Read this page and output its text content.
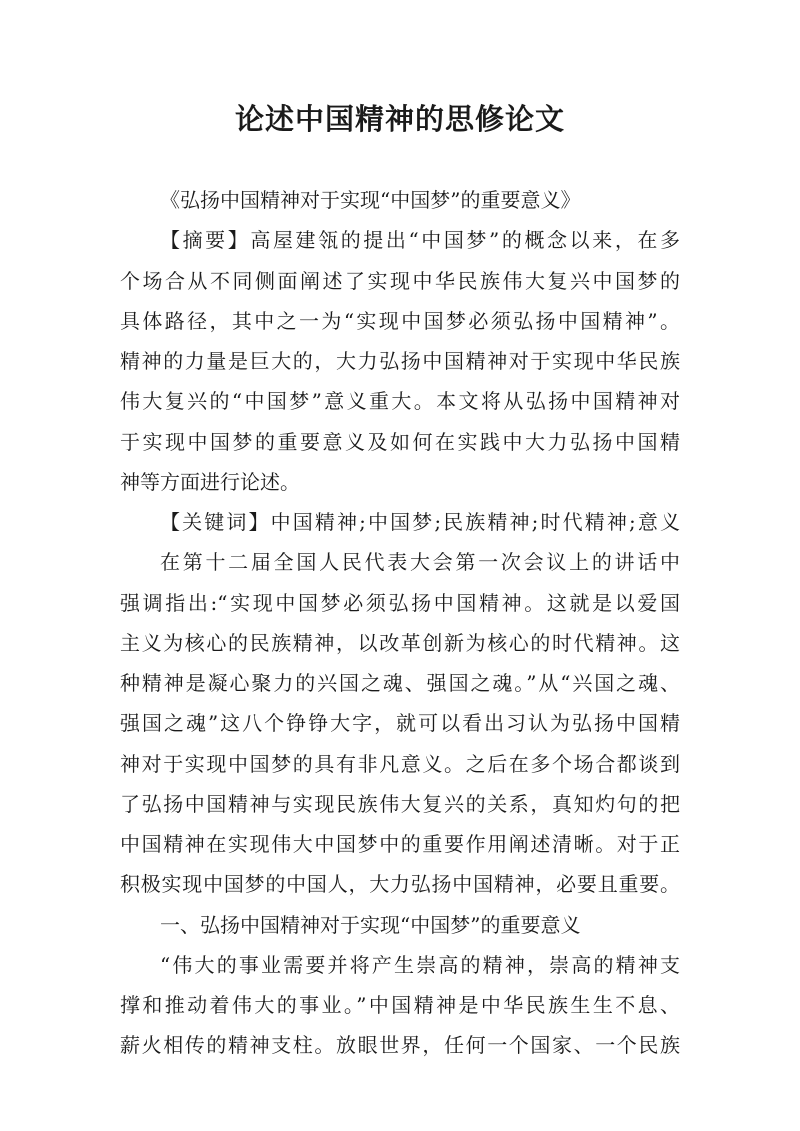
论述中国精神的思修论文
《弘扬中国精神对于实现“中国梦”的重要意义》
【摘要】高屋建瓴的提出“中国梦”的概念以来，在多
个场合从不同侧面阐述了实现中华民族伟大复兴中国梦的
具体路径，其中之一为“实现中国梦必须弘扬中国精神”。
精神的力量是巨大的，大力弘扬中国精神对于实现中华民族
伟大复兴的“中国梦”意义重大。本文将从弘扬中国精神对
于实现中国梦的重要意义及如何在实践中大力弘扬中国精
神等方面进行论述。
【关键词】中国精神;中国梦;民族精神;时代精神;意义
在第十二届全国人民代表大会第一次会议上的讲话中
强调指出:“实现中国梦必须弘扬中国精神。这就是以爱国
主义为核心的民族精神，以改革创新为核心的时代精神。这
种精神是凝心聚力的兴国之魂、强国之魂。”从“兴国之魂、
强国之魂”这八个铮铮大字，就可以看出习认为弘扬中国精
神对于实现中国梦的具有非凡意义。之后在多个场合都谈到
了弘扬中国精神与实现民族伟大复兴的关系，真知灼句的把
中国精神在实现伟大中国梦中的重要作用阐述清晰。对于正
积极实现中国梦的中国人，大力弘扬中国精神，必要且重要。
一、弘扬中国精神对于实现“中国梦”的重要意义
“伟大的事业需要并将产生崇高的精神，崇高的精神支
撑和推动着伟大的事业。”中国精神是中华民族生生不息、
薪火相传的精神支柱。放眼世界，任何一个国家、一个民族
